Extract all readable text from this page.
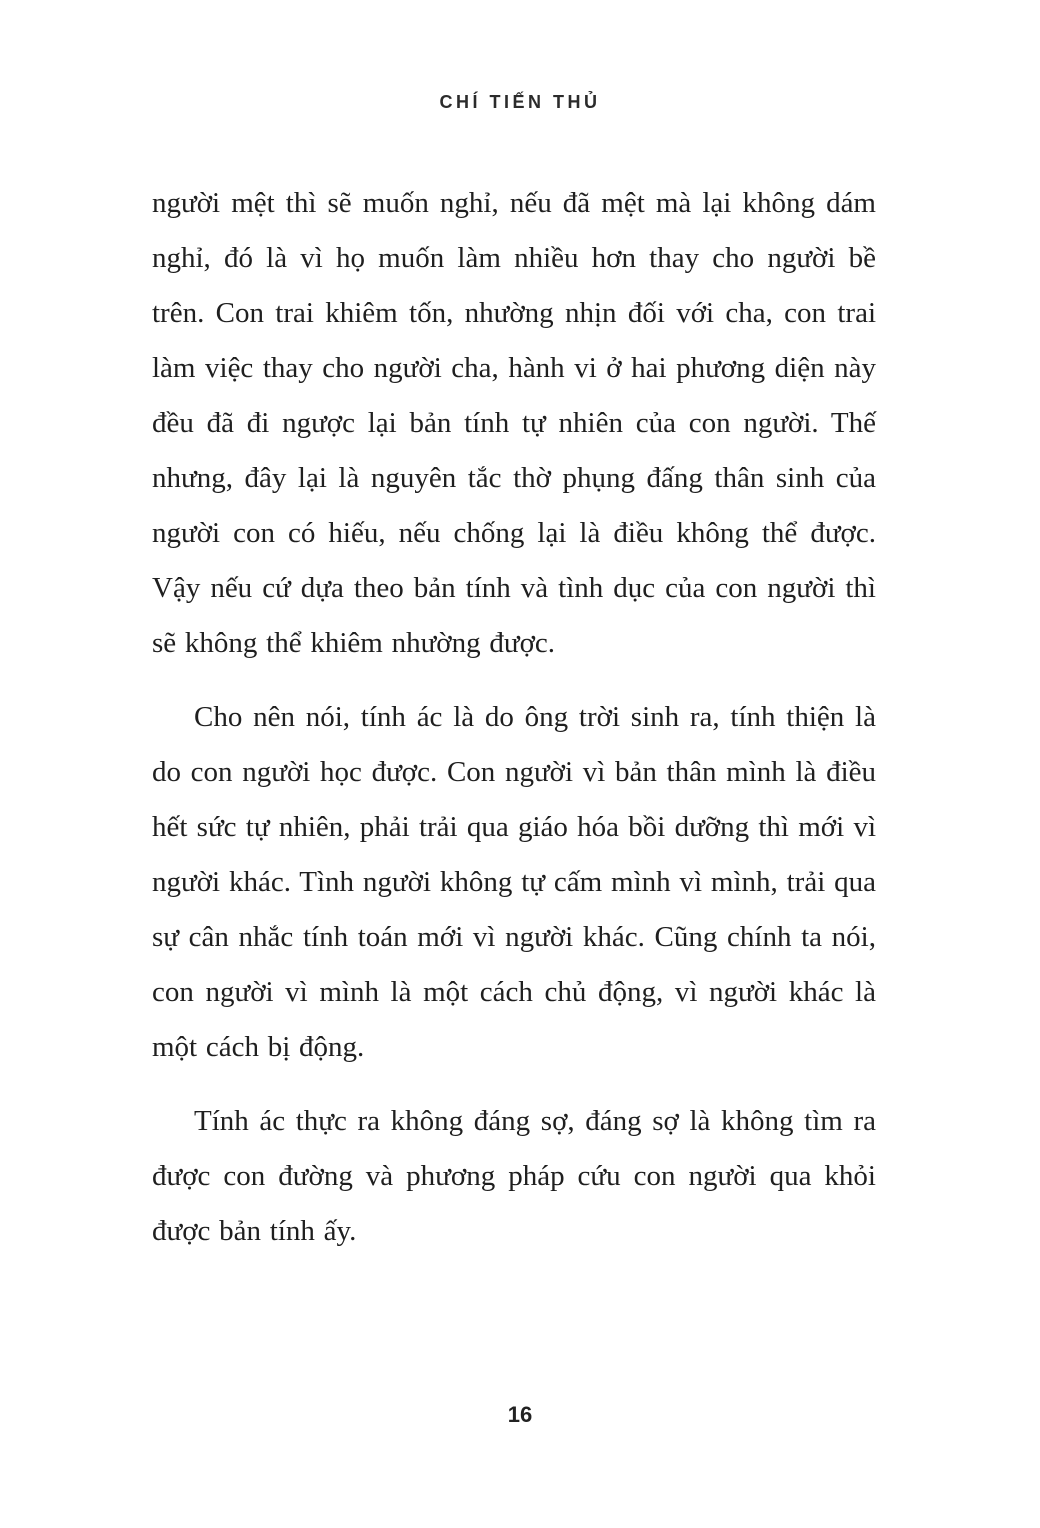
CHÍ TIẾN THỦ

người mệt thì sẽ muốn nghỉ, nếu đã mệt mà lại không dám nghỉ, đó là vì họ muốn làm nhiều hơn thay cho người bề trên. Con trai khiêm tốn, nhường nhịn đối với cha, con trai làm việc thay cho người cha, hành vi ở hai phương diện này đều đã đi ngược lại bản tính tự nhiên của con người. Thế nhưng, đây lại là nguyên tắc thờ phụng đấng thân sinh của người con có hiếu, nếu chống lại là điều không thể được. Vậy nếu cứ dựa theo bản tính và tình dục của con người thì sẽ không thể khiêm nhường được.

Cho nên nói, tính ác là do ông trời sinh ra, tính thiện là do con người học được. Con người vì bản thân mình là điều hết sức tự nhiên, phải trải qua giáo hóa bồi dưỡng thì mới vì người khác. Tình người không tự cấm mình vì mình, trải qua sự cân nhắc tính toán mới vì người khác. Cũng chính ta nói, con người vì mình là một cách chủ động, vì người khác là một cách bị động.

Tính ác thực ra không đáng sợ, đáng sợ là không tìm ra được con đường và phương pháp cứu con người qua khỏi được bản tính ấy.

16
